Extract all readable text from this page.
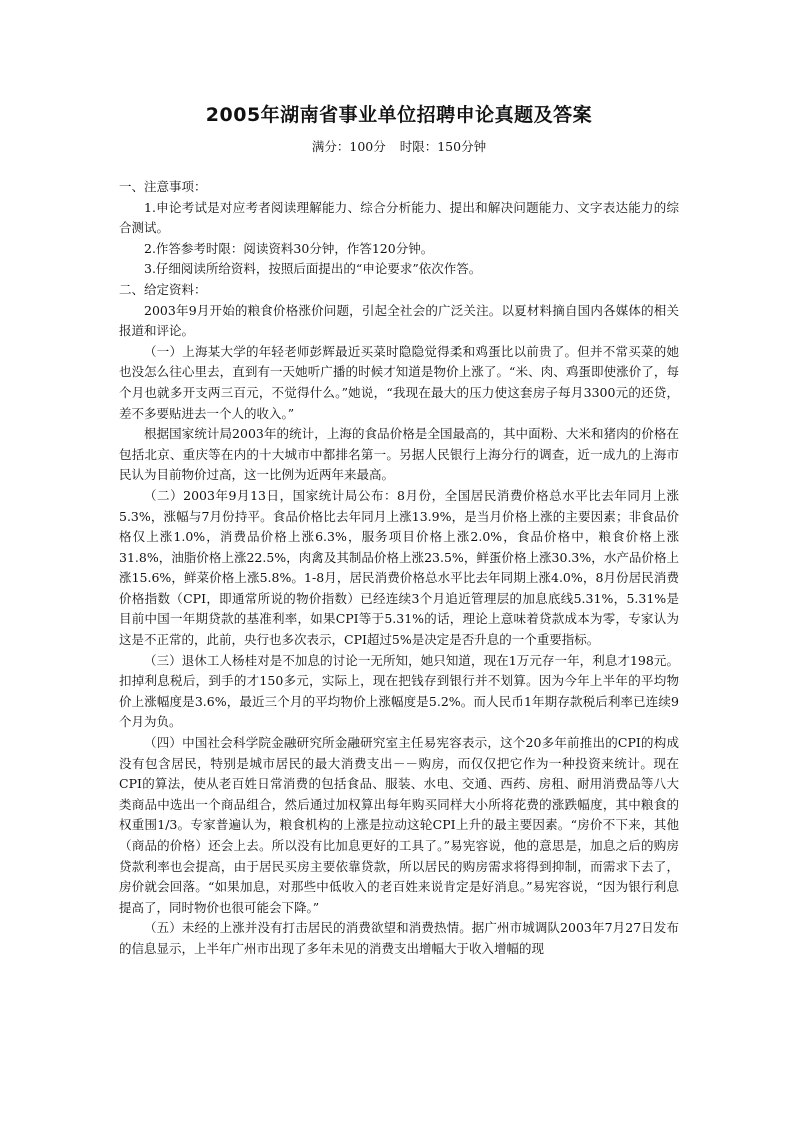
2005年湖南省事业单位招聘申论真题及答案
满分：100分 时限：150分钟

一、注意事项：

1.申论考试是对应考者阅读理解能力、综合分析能力、提出和解决问题能力、文字表达能力的综合测试。

2.作答参考时限：阅读资料30分钟，作答120分钟。

3.仔细阅读所给资料，按照后面提出的“申论要求”依次作答。

二、给定资料：

2003年9月开始的粮食价格涨价问题，引起全社会的广泛关注。以夏材料摘自国内各媒体的相关报道和评论。

（一）上海某大学的年轻老师彭辉最近买菜时隐隐觉得柔和鸡蛋比以前贵了。但并不常买菜的她也没怎么往心里去，直到有一天她听广播的时候才知道是物价上涨了。“米、肉、鸡蛋即使涨价了，每个月也就多开支两三百元，不觉得什么。”她说，“我现在最大的压力使这套房子每月3300元的还贷，差不多要贴进去一个人的收入。”

根据国家统计局2003年的统计，上海的食品价格是全国最高的，其中面粉、大米和猪肉的价格在包括北京、重庆等在内的十大城市中都排名第一。另据人民银行上海分行的调查，近一成九的上海市民认为目前物价过高，这一比例为近两年来最高。

（二）2003年9月13日，国家统计局公布：8月份，全国居民消费价格总水平比去年同月上涨5.3%，涨幅与7月份持平。食品价格比去年同月上涨13.9%，是当月价格上涨的主要因素；非食品价格仅上涨1.0%，消费品价格上涨6.3%，服务项目价格上涨2.0%，食品价格中，粮食价格上涨31.8%，油脂价格上涨22.5%，肉禽及其制品价格上涨23.5%，鲜蛋价格上涨30.3%，水产品价格上涨15.6%，鲜菜价格上涨5.8%。1-8月，居民消费价格总水平比去年同期上涨4.0%，8月份居民消费价格指数（CPI，即通常所说的物价指数）已经连续3个月追近管理层的加息底线5.31%，5.31%是目前中国一年期贷款的基准利率，如果CPI等于5.31%的话，理论上意味着贷款成本为零，专家认为这是不正常的，此前，央行也多次表示，CPI超过5%是决定是否升息的一个重要指标。

（三）退休工人杨桂对是不加息的讨论一无所知，她只知道，现在1万元存一年，利息才198元。扣掉利息税后，到手的才150多元，实际上，现在把钱存到银行并不划算。因为今年上半年的平均物价上涨幅度是3.6%，最近三个月的平均物价上涨幅度是5.2%。而人民币1年期存款税后利率已连续9个月为负。

（四）中国社会科学院金融研究所金融研究室主任易宪容表示，这个20多年前推出的CPI的构成没有包含居民，特别是城市居民的最大消费支出－－购房，而仅仅把它作为一种投资来统计。现在CPI的算法，使从老百姓日常消费的包括食品、服装、水电、交通、西药、房租、耐用消费品等八大类商品中选出一个商品组合，然后通过加权算出每年购买同样大小所将花费的涨跌幅度，其中粮食的权重围1/3。专家普遍认为，粮食机构的上涨是拉动这轮CPI上升的最主要因素。“房价不下来，其他（商品的价格）还会上去。所以没有比加息更好的工具了。”易宪容说，他的意思是，加息之后的购房贷款利率也会提高，由于居民买房主要依靠贷款，所以居民的购房需求将得到抑制，而需求下去了，房价就会回落。“如果加息，对那些中低收入的老百姓来说肯定是好消息。”易宪容说，“因为银行利息提高了，同时物价也很可能会下降。”

（五）未经的上涨并没有打击居民的消费欲望和消费热情。据广州市城调队2003年7月27日发布的信息显示，上半年广州市出现了多年未见的消费支出增幅大于收入增幅的现
